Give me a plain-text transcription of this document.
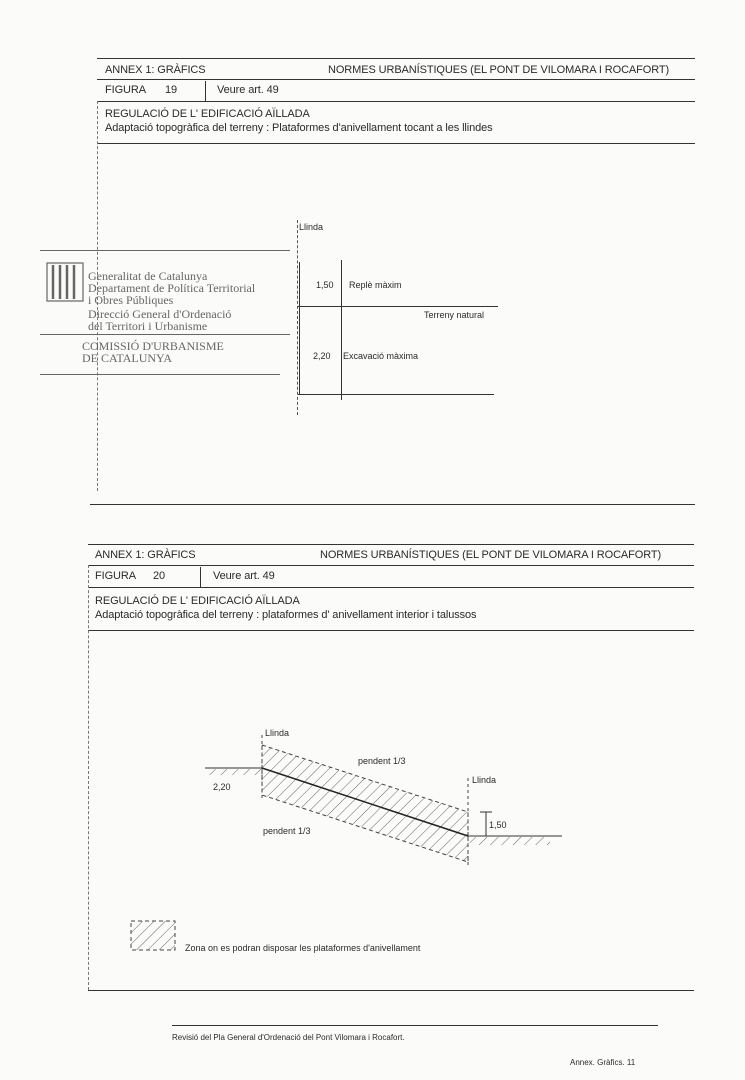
ANNEX 1: GRÀFICS	NORMES URBANÍSTIQUES (EL PONT DE VILOMARA I ROCAFORT)
FIGURA 19	Veure art. 49
REGULACIÓ DE L' EDIFICACIÓ AÏLLADA
Adaptació topogràfica del terreny : Plataformes d'anivellament tocant a les llindes
Llinda
1,50 Replè màxim
Terreny natural
2,20 Excavació màxima
Generalitat de Catalunya
Departament de Política Territorial
i Obres Públiques
Direcció General d'Ordenació
del Territori i Urbanisme
COMISSIÓ D'URBANISME
DE CATALUNYA
ANNEX 1: GRÀFICS	NORMES URBANÍSTIQUES (EL PONT DE VILOMARA I ROCAFORT)
FIGURA 20	Veure art. 49
REGULACIÓ DE L' EDIFICACIÓ AÏLLADA
Adaptació topogràfica del terreny : plataformes d' anivellament interior i talussos
Llinda
Llinda
pendent 1/3
pendent 1/3
2,20
1,50
Zona on es podran disposar les plataformes d'anivellament
Revisió del Pla General d'Ordenació del Pont Vilomara i Rocafort.
Annex. Gràfics. 11
